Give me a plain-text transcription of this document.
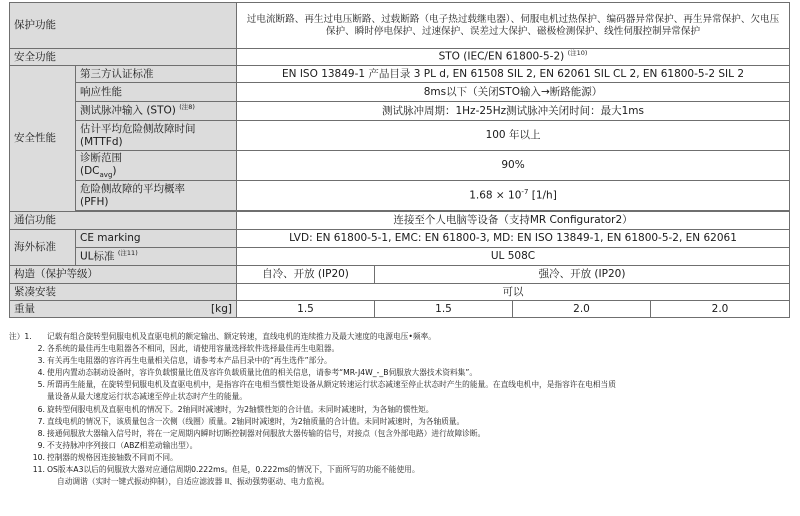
保护功能		过电流断路、再生过电压断路、过载断路（电子热过载继电器）、伺服电机过热保护、编码器异常保护、再生异常保护、欠电压
保护、瞬时停电保护、过速保护、误差过大保护、磁极检测保护、线性伺服控制异常保护			

安全功能		STO (IEC/EN 61800-5-2) $^{(注10)}$
安全性能	第三方认证标准	EN ISO 13849-1 产品目录 3 PL d, EN 61508 SIL 2, EN 62061 SIL CL 2, EN 61800-5-2 SIL 2			
	响应性能	8ms以下（关闭STO输入→断路能源）			
	测试脉冲输入 (STO) $^{(注8)}$	测试脉冲周期：1Hz-25Hz测试脉冲关闭时间：最大1ms			

	估计平均危险侧故障时间
(MTTFd)	100 年以上			

	诊断范围
$(DC_{avg})$	90%			

	危险侧故障的平均概率
(PFH)	$1.68 \times 10^{-7}$ [1/h]			

通信功能		连接至个人电脑等设备（支持MR Configurator2）			
海外标准	CE marking	LVD: EN 61800-5-1, EMC: EN 61800-3, MD: EN ISO 13849-1, EN 61800-5-2, EN 62061			
	UL标准 $^{(注11)}$	UL 508C			
构造（保护等级）		自冷、开放 (IP20)	强冷、开放 (IP20)		
紧凑安装		可以			
重量 [kg]		1.5	1.5	2.0	2.0
注）1.	记载有组合旋转型伺服电机及直驱电机的额定输出、额定转速，直线电机的连续推力及最大速度的电源电压•频率。
2. 各系统的最佳再生电阻器各不相同，因此，请使用容量选择软件选择最佳再生电阻器。
3. 有关再生电阻器的容许再生电量相关信息，请参考本产品目录中的“再生选件”部分。
4. 使用内置动态制动设备时，容许负载惯量比值及容许负载质量比值的相关信息，请参考“MR-J4W_-_B伺服放大器技术资料集”。
5. 所谓再生能量，在旋转型伺服电机及直驱电机中，是指容许在电相当惯性矩设备从额定转速运行状态减速至停止状态时产生的能量。在直线电机中，是指容许在电相当质
量设备从最大速度运行状态减速至停止状态时产生的能量。
6. 旋转型伺服电机及直驱电机的情况下。2轴同时减速时，为2轴惯性矩的合计值。未同时减速时，为各轴的惯性矩。
7. 直线电机的情况下，该质量包含一次侧（线圈）质量。2轴同时减速时，为2轴质量的合计值。未同时减速时，为各轴质量。
8. 接通伺服放大器输入信号时，将在一定周期内瞬时切断控制器对伺服放大器传输的信号，对接点（包含外部电路）进行故障诊断。
9. 不支持脉冲序列接口（ABZ相差动输出型）。
10. 控制器的规格因连接轴数不同而不同。
11. OS版本A3以后的伺服放大器对应通信周期0.222ms。但是，0.222ms的情况下，下面所写的功能不能使用。
自动调谐（实时一键式振动抑制），自适应滤波器 II、振动强势驱动、电力监视。
